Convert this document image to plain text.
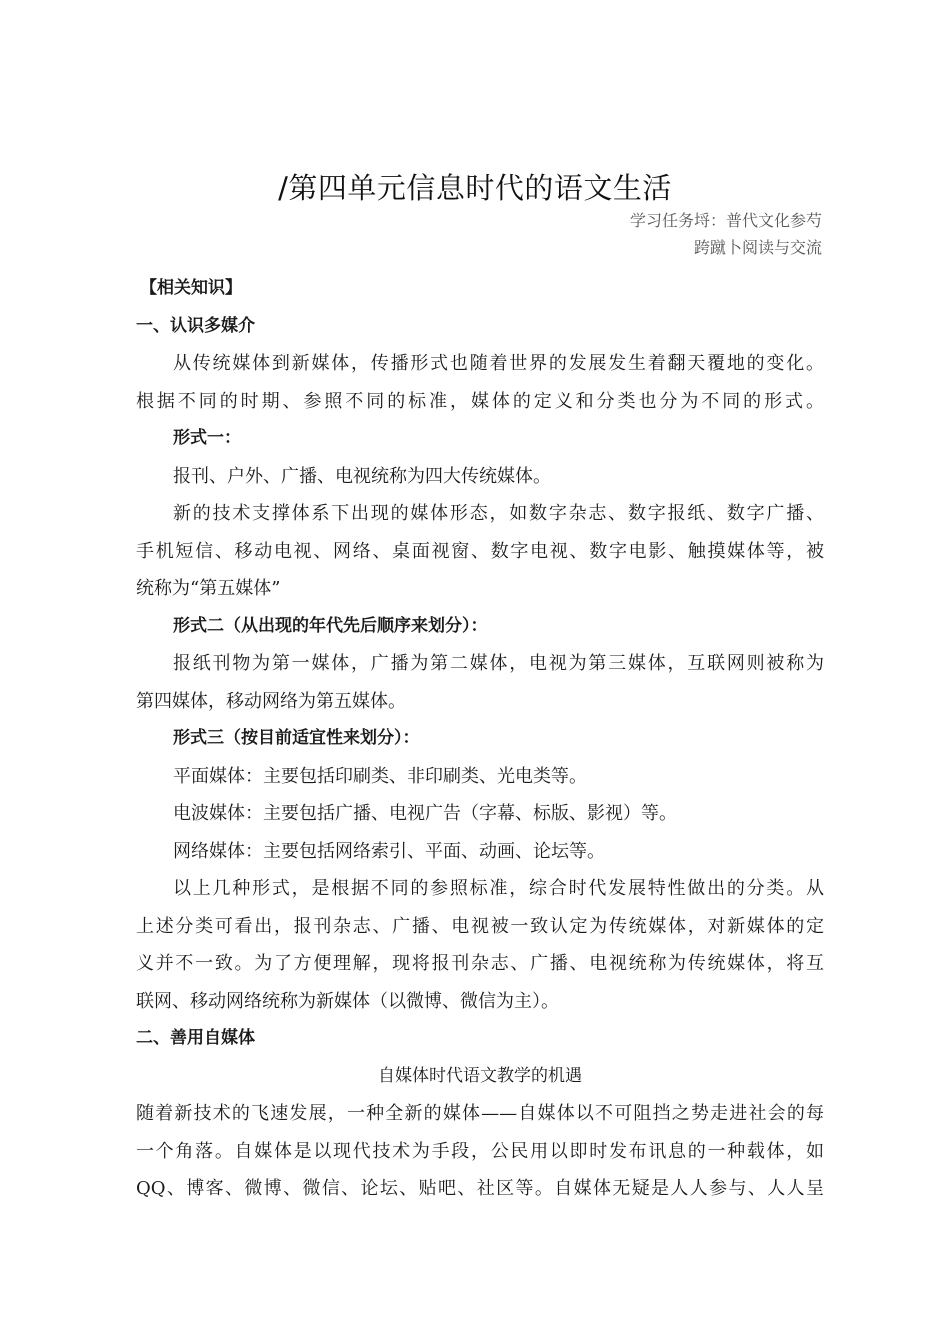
/第四单元信息时代的语文生活
学习任务埒：普代文化参芍
跨蹴卜阅读与交流
【相关知识】
一、认识多媒介
从传统媒体到新媒体，传播形式也随着世界的发展发生着翻天覆地的变化。
根据不同的时期、参照不同的标准，媒体的定义和分类也分为不同的形式。
形式一：
报刊、户外、广播、电视统称为四大传统媒体。
新的技术支撑体系下出现的媒体形态，如数字杂志、数字报纸、数字广播、
手机短信、移动电视、网络、桌面视窗、数字电视、数字电影、触摸媒体等，被
统称为“第五媒体”
形式二（从出现的年代先后顺序来划分）：
报纸刊物为第一媒体，广播为第二媒体，电视为第三媒体，互联网则被称为
第四媒体，移动网络为第五媒体。
形式三（按目前适宜性来划分）：
平面媒体：主要包括印刷类、非印刷类、光电类等。
电波媒体：主要包括广播、电视广告（字幕、标版、影视）等。
网络媒体：主要包括网络索引、平面、动画、论坛等。
以上几种形式，是根据不同的参照标准，综合时代发展特性做出的分类。从
上述分类可看出，报刊杂志、广播、电视被一致认定为传统媒体，对新媒体的定
义并不一致。为了方便理解，现将报刊杂志、广播、电视统称为传统媒体，将互
联网、移动网络统称为新媒体（以微博、微信为主）。
二、善用自媒体
自媒体时代语文教学的机遇
随着新技术的飞速发展，一种全新的媒体——自媒体以不可阻挡之势走进社会的每
一个角落。自媒体是以现代技术为手段，公民用以即时发布讯息的一种载体，如
QQ、博客、微博、微信、论坛、贴吧、社区等。自媒体无疑是人人参与、人人呈
